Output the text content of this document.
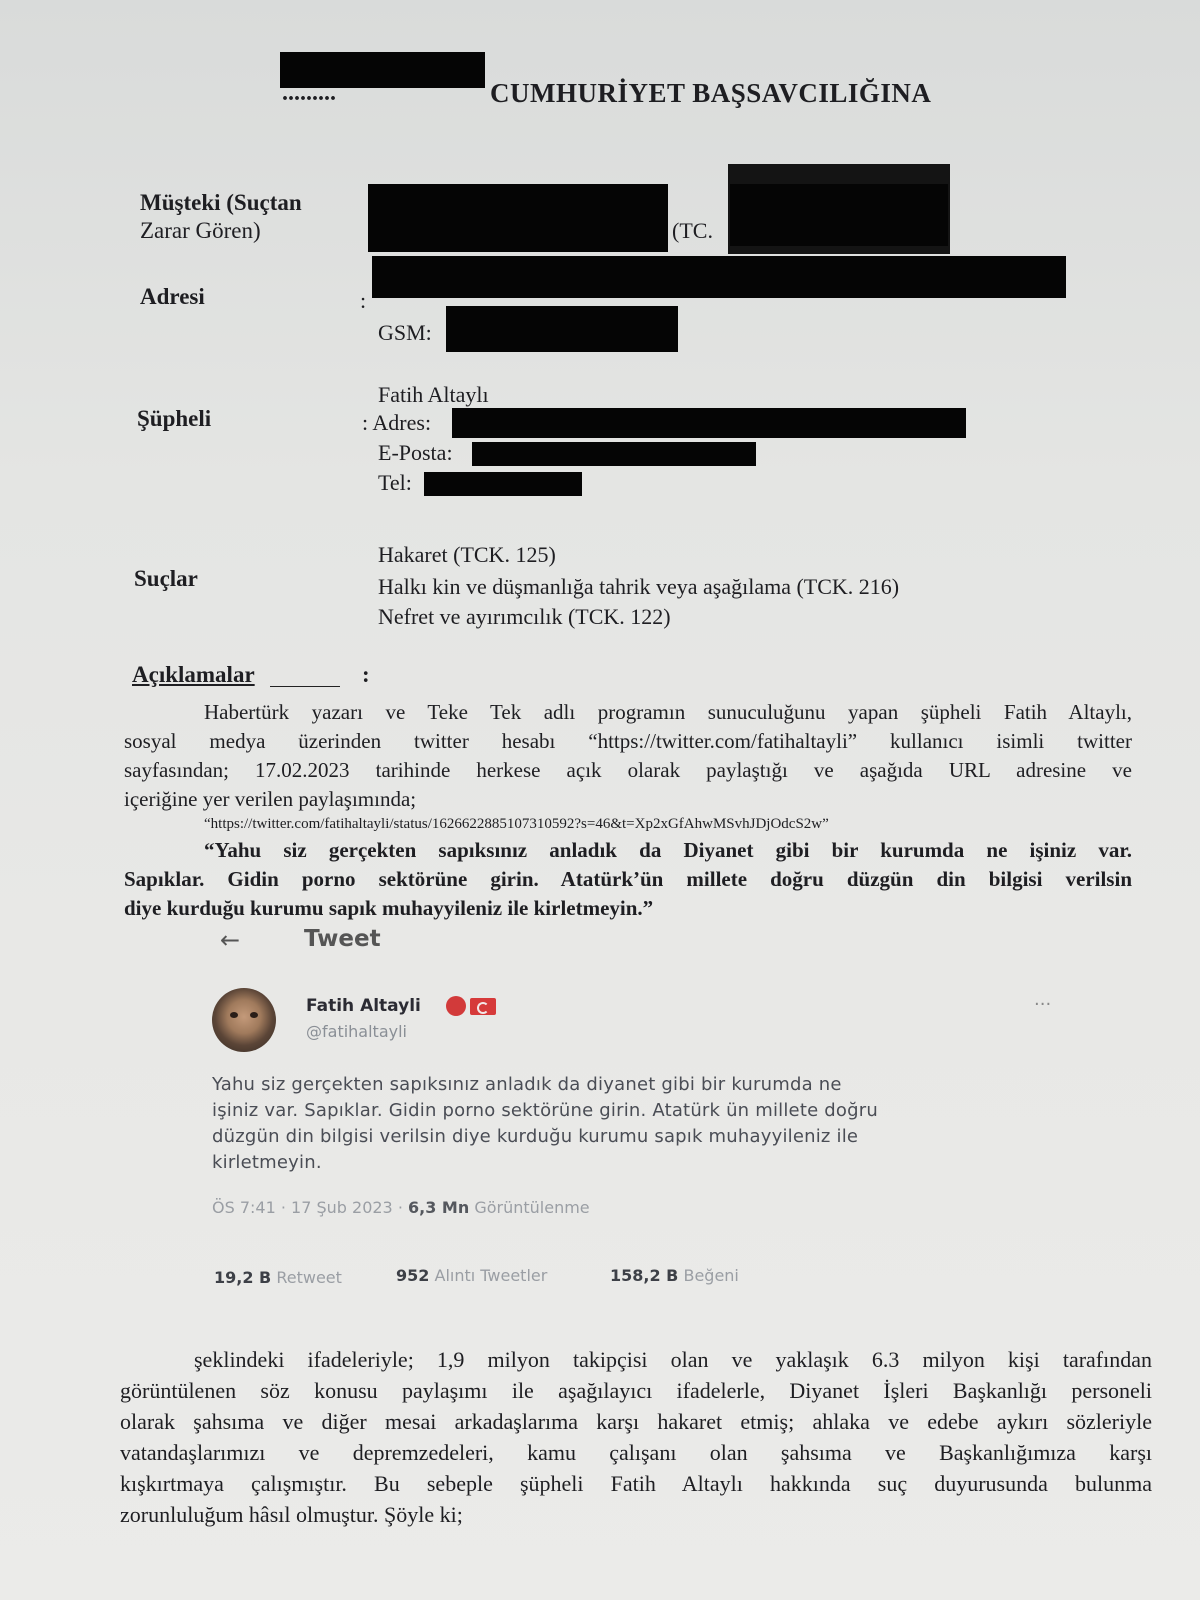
.........	CUMHURİYET BAŞSAVCILIĞINA
Müşteki (Suçtan
Zarar Gören)	(TC.
Adresi	:
GSM:
Fatih Altaylı
Şüpheli	: Adres:
E-Posta:
Tel:
Hakaret (TCK. 125)
Suçlar	Halkı kin ve düşmanlığa tahrik veya aşağılama (TCK. 216)
Nefret ve ayırımcılık (TCK. 122)
Açıklamalar	:
Habertürk yazarı ve Teke Tek adlı programın sunuculuğunu yapan şüpheli Fatih Altaylı,
sosyal medya üzerinden twitter hesabı “https://twitter.com/fatihaltayli” kullanıcı isimli twitter
sayfasından; 17.02.2023 tarihinde herkese açık olarak paylaştığı ve aşağıda URL adresine ve
içeriğine yer verilen paylaşımında;
“https://twitter.com/fatihaltayli/status/1626622885107310592?s=46&t=Xp2xGfAhwMSvhJDjOdcS2w”
“Yahu siz gerçekten sapıksınız anladık da Diyanet gibi bir kurumda ne işiniz var.
Sapıklar. Gidin porno sektörüne girin. Atatürk’ün millete doğru düzgün din bilgisi verilsin
diye kurduğu kurumu sapık muhayyileniz ile kirletmeyin.”
←	Tweet
Fatih Altayli
@fatihaltayli
···
Yahu siz gerçekten sapıksınız anladık da diyanet gibi bir kurumda ne
işiniz var. Sapıklar. Gidin porno sektörüne girin. Atatürk ün millete doğru
düzgün din bilgisi verilsin diye kurduğu kurumu sapık muhayyileniz ile
kirletmeyin.
ÖS 7:41 · 17 Şub 2023 · 6,3 Mn Görüntülenme
19,2 B Retweet	952 Alıntı Tweetler	158,2 B Beğeni
şeklindeki ifadeleriyle; 1,9 milyon takipçisi olan ve yaklaşık 6.3 milyon kişi tarafından
görüntülenen söz konusu paylaşımı ile aşağılayıcı ifadelerle, Diyanet İşleri Başkanlığı personeli
olarak şahsıma ve diğer mesai arkadaşlarıma karşı hakaret etmiş; ahlaka ve edebe aykırı sözleriyle
vatandaşlarımızı ve depremzedeleri, kamu çalışanı olan şahsıma ve Başkanlığımıza karşı
kışkırtmaya çalışmıştır. Bu sebeple şüpheli Fatih Altaylı hakkında suç duyurusunda bulunma
zorunluluğum hâsıl olmuştur. Şöyle ki;
